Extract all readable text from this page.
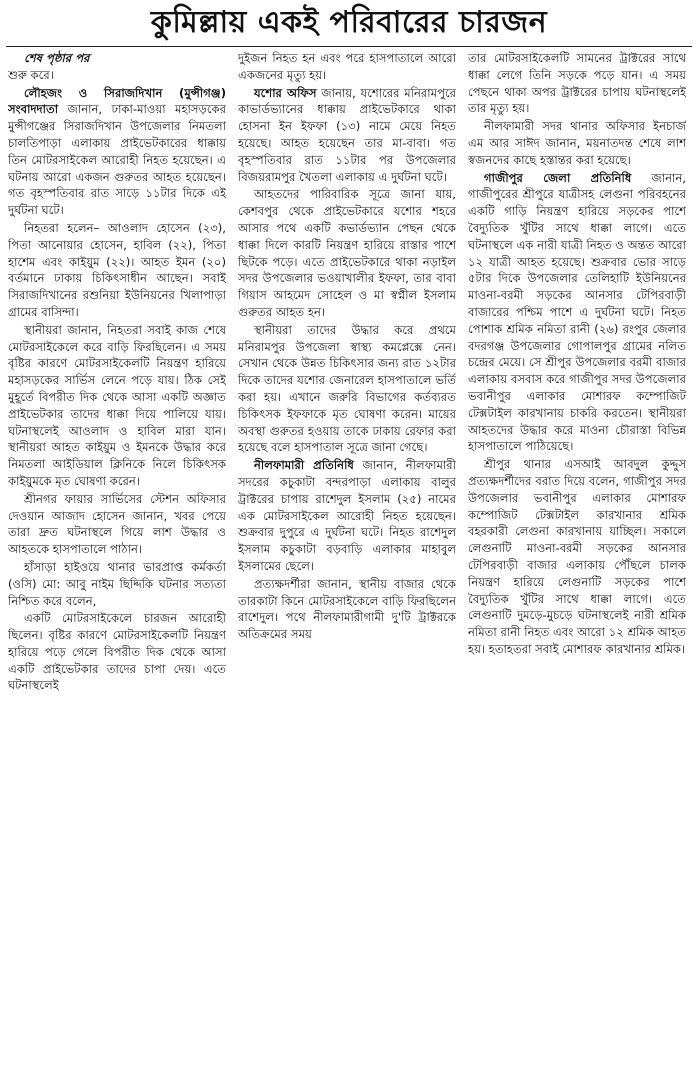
কুমিল্লায় একই পরিবারের চারজন

শেষ পৃষ্ঠার পর
শুরু করে।

লৌহজং ও সিরাজদিখান (মুন্সীগঞ্জ) সংবাদদাতা জানান, ঢাকা-মাওয়া মহাসড়কের মুন্সীগঞ্জের সিরাজদিখান উপজেলার নিমতলা চালতিপাড়া এলাকায় প্রাইভেটকারের ধাক্কায় তিন মোটরসাইকেল আরোহী নিহত হয়েছেন। এ ঘটনায় আরো একজন গুরুতর আহত হয়েছেন। গত বৃহস্পতিবার রাত সাড়ে ১১টার দিকে এই দুর্ঘটনা ঘটে।

নিহতরা হলেন– আওলাদ হোসেন (২৩), পিতা আনোয়ার হোসেন, হাবিল (২২), পিতা হাশেম এবং কাইয়ুম (২২)। আহত ইমন (২০) বর্তমানে ঢাকায় চিকিৎসাধীন আছেন। সবাই সিরাজদিখানের রশুনিয়া ইউনিয়নের খিলাপাড়া গ্রামের বাসিন্দা।

স্থানীয়রা জানান, নিহতরা সবাই কাজ শেষে মোটরসাইকেলে করে বাড়ি ফিরছিলেন। এ সময় বৃষ্টির কারণে মোটরসাইকেলটি নিয়ন্ত্রণ হারিয়ে মহাসড়কের সার্ভিস লেনে পড়ে যায়। ঠিক সেই মুহূর্তে বিপরীত দিক থেকে আসা একটি অজ্ঞাত প্রাইভেটকার তাদের ধাক্কা দিয়ে পালিয়ে যায়। ঘটনাস্থলেই আওলাদ ও হাবিল মারা যান। স্থানীয়রা আহত কাইয়ুম ও ইমনকে উদ্ধার করে নিমতলা আইডিয়াল ক্লিনিকে নিলে চিকিৎসক কাইয়ুমকে মৃত ঘোষণা করেন।

শ্রীনগর ফায়ার সার্ভিসের স্টেশন অফিসার দেওয়ান আজাদ হোসেন জানান, খবর পেয়ে তারা দ্রুত ঘটনাস্থলে গিয়ে লাশ উদ্ধার ও আহতকে হাসপাতালে পাঠান।

হাঁসাড়া হাইওয়ে থানার ভারপ্রাপ্ত কর্মকর্তা (ওসি) মো: আবু নাইম ছিদ্দিকি ঘটনার সত্যতা নিশ্চিত করে বলেন,

একটি মোটরসাইকেলে চারজন আরোহী ছিলেন। বৃষ্টির কারণে মোটরসাইকেলটি নিয়ন্ত্রণ হারিয়ে পড়ে গেলে বিপরীত দিক থেকে আসা একটি প্রাইভেটকার তাদের চাপা দেয়। এতে ঘটনাস্থলেই

দুইজন নিহত হন এবং পরে হাসপাতালে আরো একজনের মৃত্যু হয়।

যশোর অফিস জানায়, যশোরের মনিরামপুরে কাভার্ডভ্যানের ধাক্কায় প্রাইভেটকারে থাকা হোসনা ইন ইফফা (১৩) নামে মেয়ে নিহত হয়েছে। আহত হয়েছেন তার মা-বাবা। গত বৃহস্পতিবার রাত ১১টার পর উপজেলার বিজয়রামপুর খৈতলা এলাকায় এ দুর্ঘটনা ঘটে।

আহতদের পারিবারিক সূত্রে জানা যায়, কেশবপুর থেকে প্রাইভেটকারে যশোর শহরে আসার পথে একটি কভার্ডভ্যান পেছন থেকে ধাক্কা দিলে কারটি নিয়ন্ত্রণ হারিয়ে রাস্তার পাশে ছিটকে পড়ে। এতে প্রাইভেটকারে থাকা নড়াইল সদর উপজেলার ভওয়াখালীর ইফফা, তার বাবা গিয়াস আহমেদ সোহেল ও মা স্বপ্নীল ইসলাম গুরুতর আহত হন।

স্থানীয়রা তাদের উদ্ধার করে প্রথমে মনিরামপুর উপজেলা স্বাস্থ্য কমপ্লেক্সে নেন। সেখান থেকে উন্নত চিকিৎসার জন্য রাত ১২টার দিকে তাদের যশোর জেনারেল হাসপাতালে ভর্তি করা হয়। এখানে জরুরি বিভাগের কর্তব্যরত চিকিৎসক ইফফাকে মৃত ঘোষণা করেন। মায়ের অবস্থা গুরুতর হওয়ায় তাকে ঢাকায় রেফার করা হয়েছে বলে হাসপাতাল সূত্রে জানা গেছে।

নীলফামারী প্রতিনিধি জানান, নীলফামারী সদরের কচুকাটা বন্দরপাড়া এলাকায় বালুর ট্রাক্টরের চাপায় রাশেদুল ইসলাম (২৫) নামের এক মোটরসাইকেল আরোহী নিহত হয়েছেন। শুক্রবার দুপুরে এ দুর্ঘটনা ঘটে। নিহত রাশেদুল ইসলাম কচুকাটা বড়বাড়ি এলাকার মাহাবুল ইসলামের ছেলে।

প্রত্যক্ষদর্শীরা জানান, স্থানীয় বাজার থেকে তারকাটা কিনে মোটরসাইকেলে বাড়ি ফিরছিলেন রাশেদুল। পথে নীলফামারীগামী দু'টি ট্রাক্টরকে অতিক্রমের সময়

তার মোটরসাইকেলটি সামনের ট্রাক্টরের সাথে ধাক্কা লেগে তিনি সড়কে পড়ে যান। এ সময় পেছনে থাকা অপর ট্রাক্টরের চাপায় ঘটনাস্থলেই তার মৃত্যু হয়।

নীলফামারী সদর থানার অফিসার ইনচার্জ এম আর সাঈদ জানান, ময়নাতদন্ত শেষে লাশ স্বজনদের কাছে হস্তান্তর করা হয়েছে।

গাজীপুর জেলা প্রতিনিধি জানান, গাজীপুরের শ্রীপুরে যাত্রীসহ লেগুনা পরিবহনের একটি গাড়ি নিয়ন্ত্রণ হারিয়ে সড়কের পাশে বৈদ্যুতিক খুঁটির সাথে ধাক্কা লাগে। এতে ঘটনাস্থলে এক নারী যাত্রী নিহত ও অন্তত আরো ১২ যাত্রী আহত হয়েছে। শুক্রবার ভোর সাড়ে ৫টার দিকে উপজেলার তেলিহাটি ইউনিয়নের মাওনা-বরমী সড়কের আনসার টেপিরবাড়ী বাজারের পশ্চিম পাশে এ দুর্ঘটনা ঘটে। নিহত পোশাক শ্রমিক নমিতা রানী (২৬) রংপুর জেলার বদরগঞ্জ উপজেলার গোপালপুর গ্রামের নলিত চন্দ্রের মেয়ে। সে শ্রীপুর উপজেলার বরমী বাজার এলাকায় বসবাস করে গাজীপুর সদর উপজেলার ভবানীপুর এলাকার মোশারফ কম্পোজিট টেক্সটাইল কারখানায় চাকরি করতেন। স্থানীয়রা আহতদের উদ্ধার করে মাওনা চৌরাস্তা বিভিন্ন হাসপাতালে পাঠিয়েছে।

শ্রীপুর থানার এসআই আবদুল কুদ্দুস প্রত্যক্ষদর্শীদের বরাত দিয়ে বলেন, গাজীপুর সদর উপজেলার ভবানীপুর এলাকার মোশারফ কম্পোজিট টেক্সটাইল কারখানার শ্রমিক বহরকারী লেগুনা কারখানায় যাচ্ছিল। সকালে লেগুনাটি মাওনা-বরমী সড়কের আনসার টেপিরবাড়ী বাজার এলাকায় পৌঁছলে চালক নিয়ন্ত্রণ হারিয়ে লেগুনাটি সড়কের পাশে বৈদ্যুতিক খুঁটির সাথে ধাক্কা লাগে। এতে লেগুনাটি দুমড়ে-মুচড়ে ঘটনাস্থলেই নারী শ্রমিক নমিতা রানী নিহত এবং আরো ১২ শ্রমিক আহত হয়। হতাহতরা সবাই মোশারফ কারখানার শ্রমিক।
